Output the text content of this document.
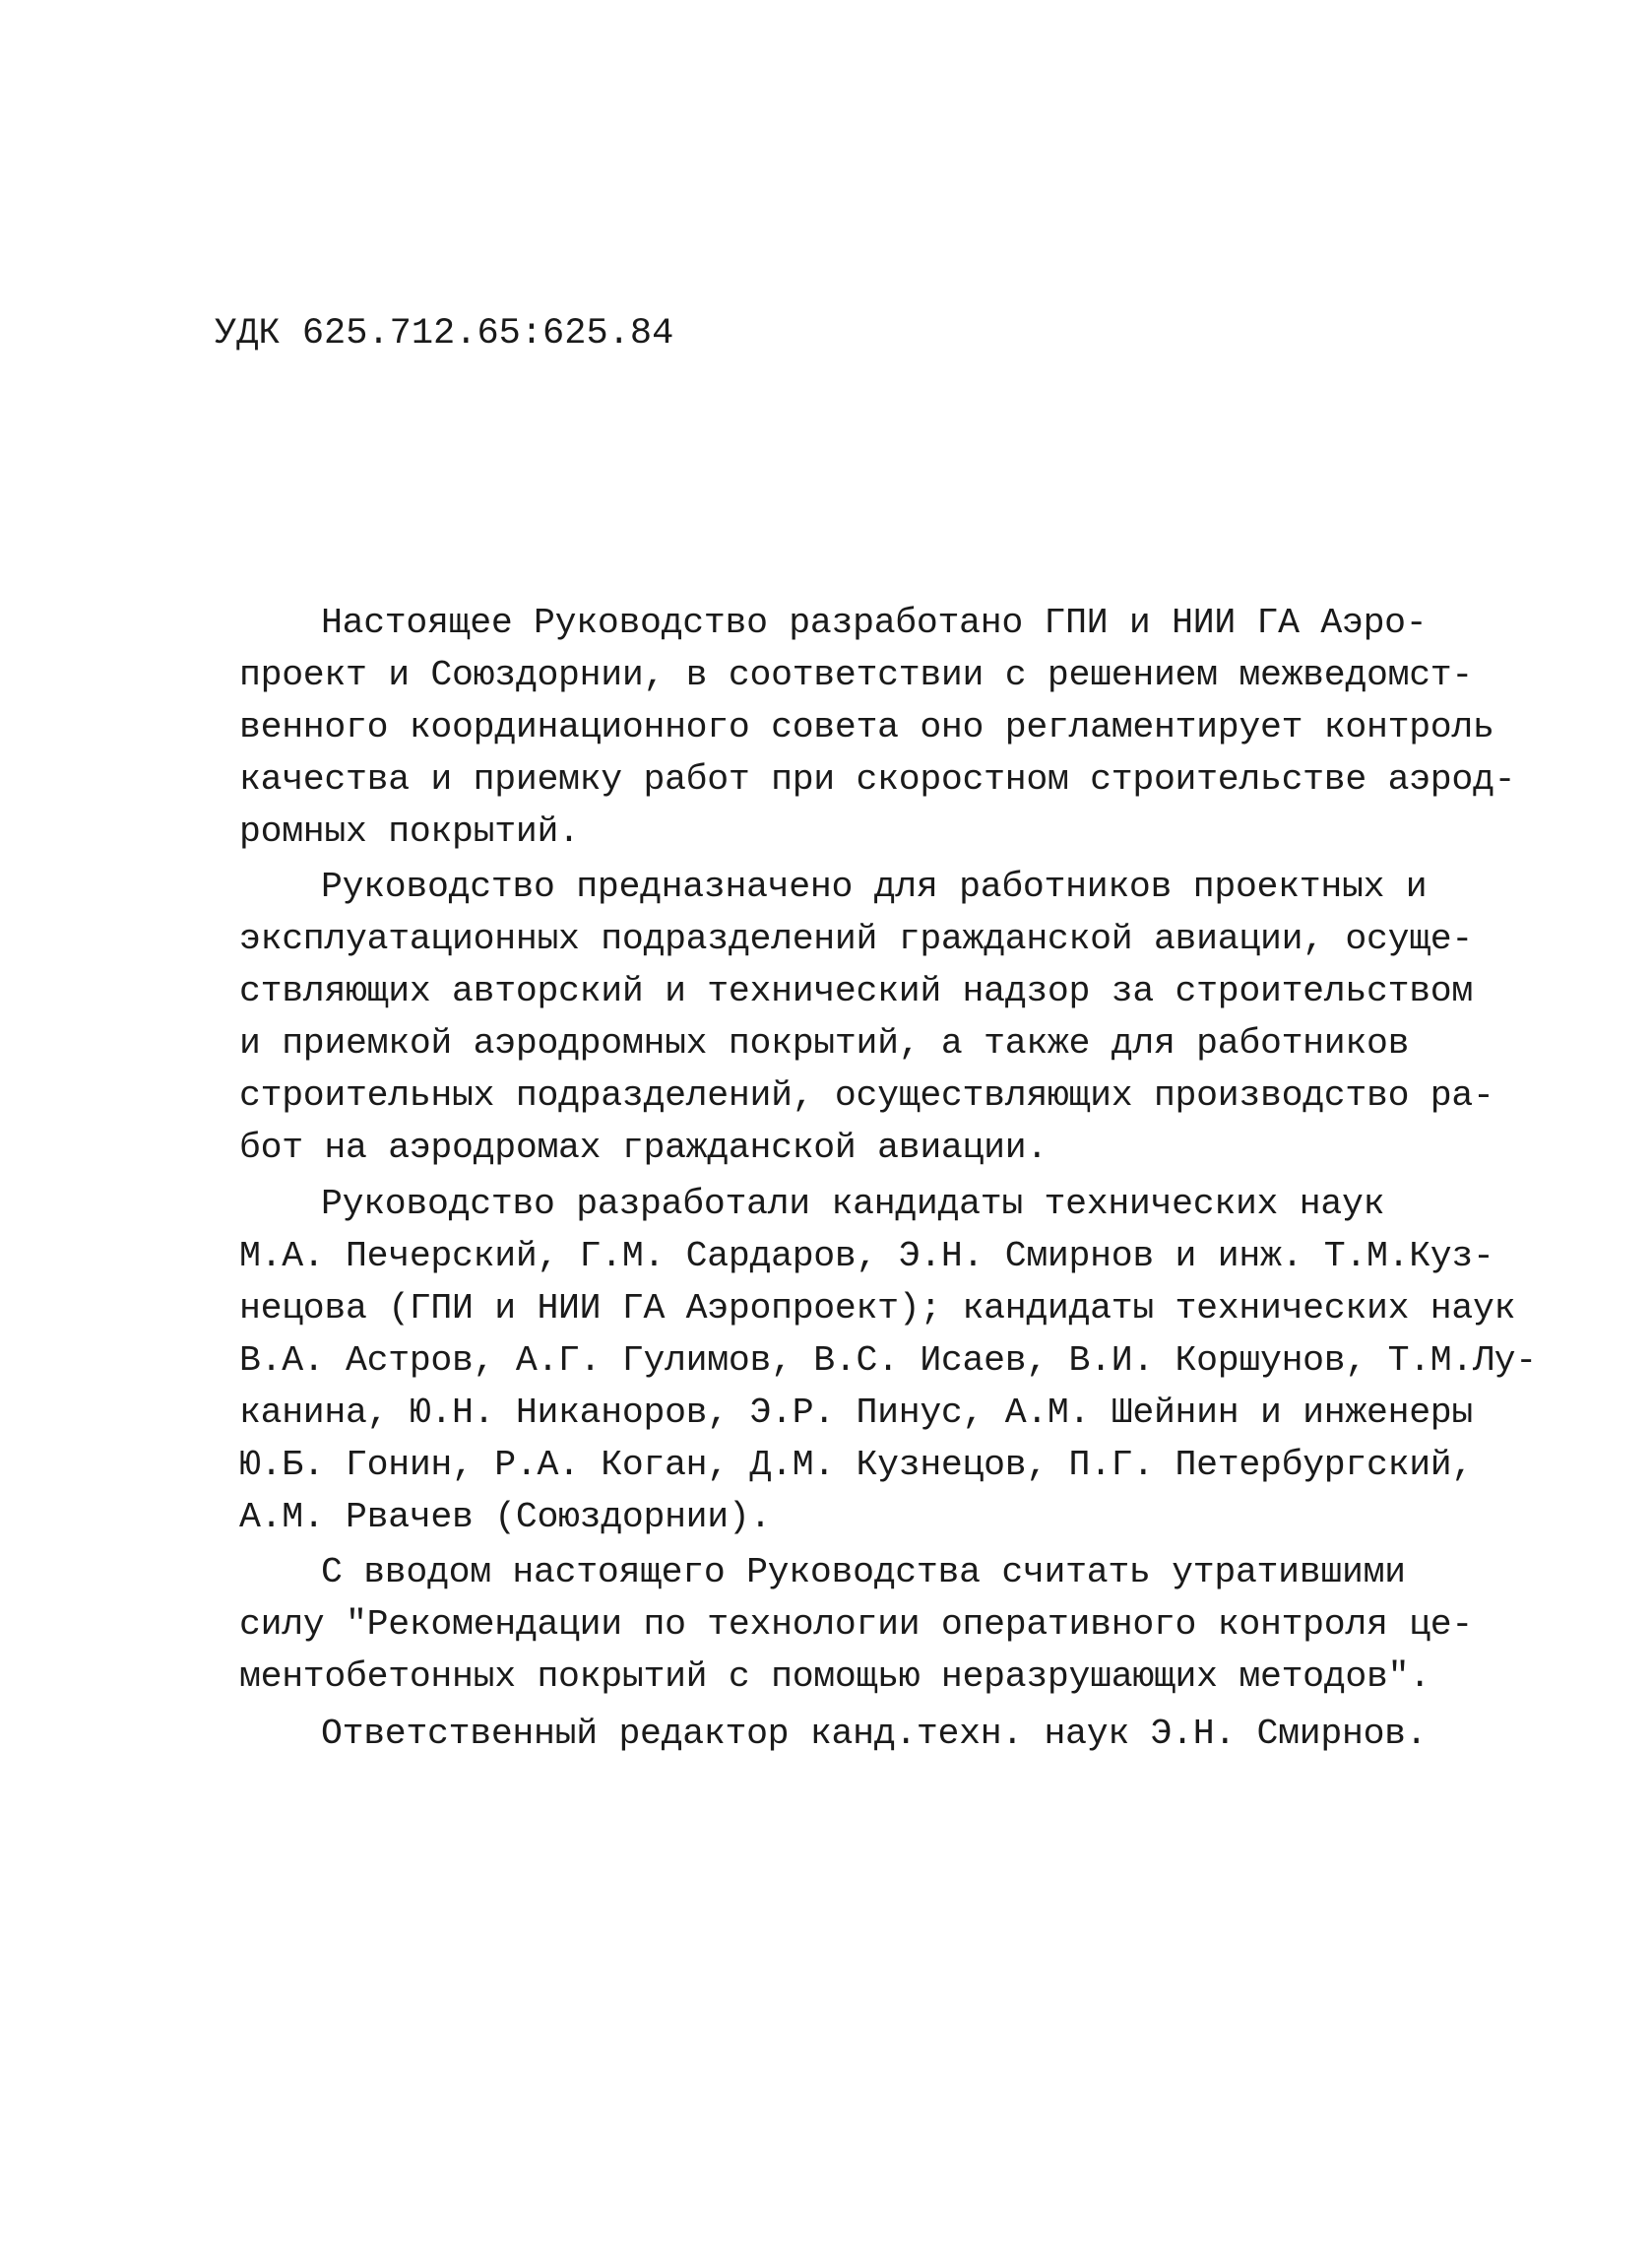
УДК 625.712.65:625.84
Настоящее Руководство разработано ГПИ и НИИ ГА Аэро-
проект и Союздорнии, в соответствии с решением межведомст-
венного координационного совета оно регламентирует контроль
качества и приемку работ при скоростном строительстве аэрод-
ромных покрытий.
Руководство предназначено для работников проектных и
эксплуатационных подразделений гражданской авиации, осуще-
ствляющих авторский и технический надзор за строительством
и приемкой аэродромных покрытий, а также для работников
строительных подразделений, осуществляющих производство ра-
бот на аэродромах гражданской авиации.
Руководство разработали кандидаты технических наук
М.А. Печерский, Г.М. Сардаров, Э.Н. Смирнов и инж. Т.М.Куз-
нецова (ГПИ и НИИ ГА Аэропроект); кандидаты технических наук
В.А. Астров, А.Г. Гулимов, В.С. Исаев, В.И. Коршунов, Т.М.Лу-
канина, Ю.Н. Никаноров, Э.Р. Пинус, А.М. Шейнин и инженеры
Ю.Б. Гонин, Р.А. Коган, Д.М. Кузнецов, П.Г. Петербургский,
А.М. Рвачев (Союздорнии).
С вводом настоящего Руководства считать утратившими
силу "Рекомендации по технологии оперативного контроля це-
ментобетонных покрытий с помощью неразрушающих методов".
Ответственный редактор канд.техн. наук Э.Н. Смирнов.
